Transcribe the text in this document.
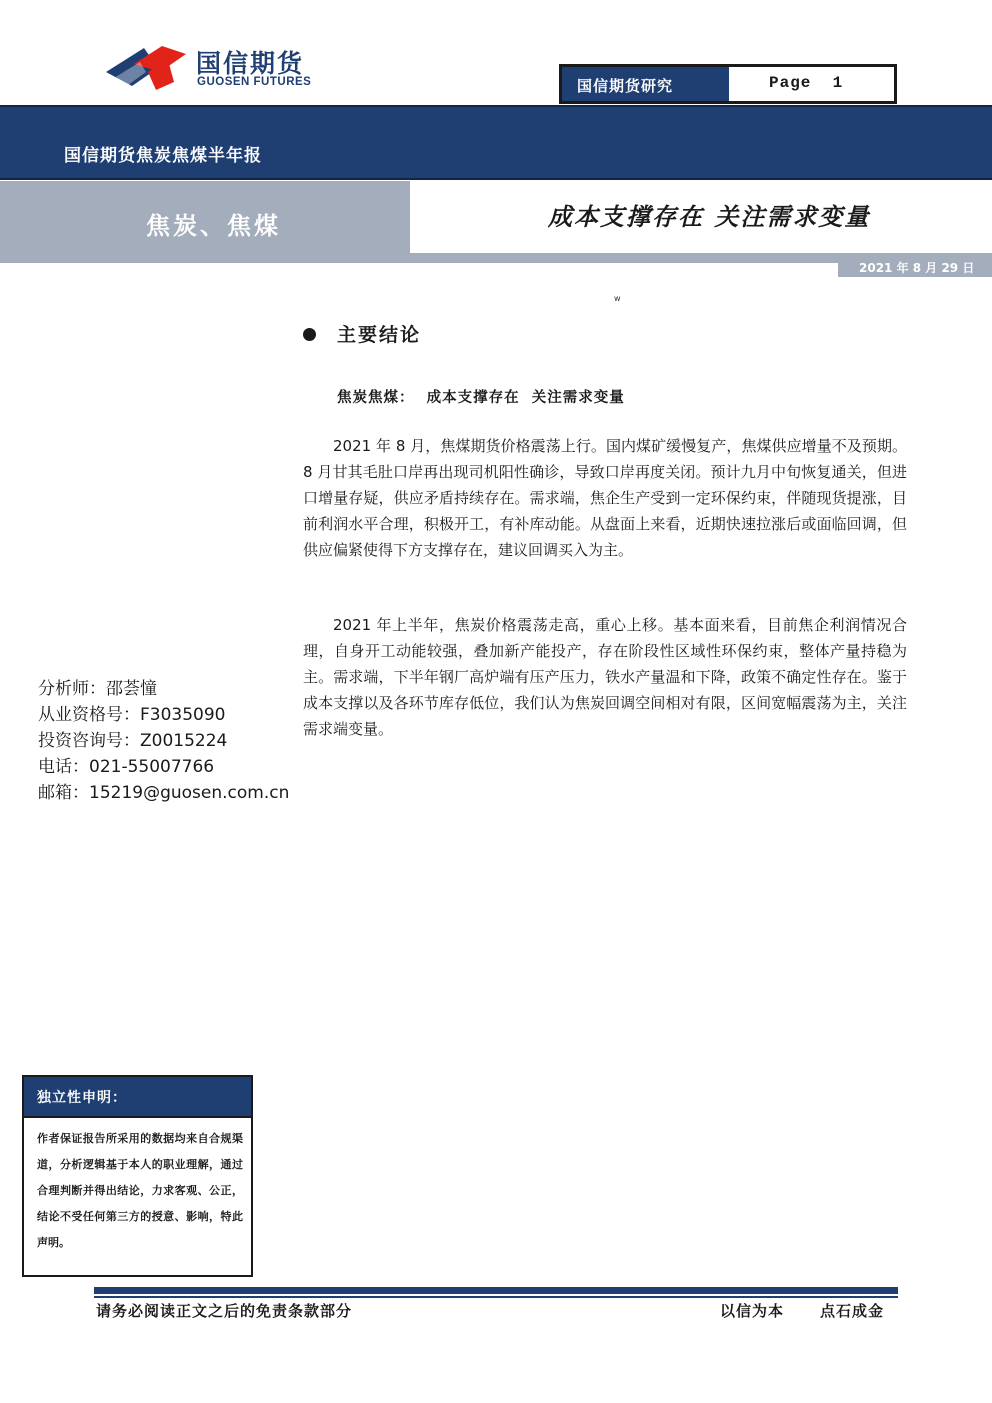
国信期货
GUOSEN FUTURES	国信期货研究	Page  1
国信期货焦炭焦煤半年报
焦炭、焦煤	成本支撑存在 关注需求变量
2021 年 8 月 29 日
w
主要结论
焦炭焦煤：  成本支撑存在  关注需求变量
2021 年 8 月，焦煤期货价格震荡上行。国内煤矿缓慢复产，焦煤供应增量不及预期。8 月甘其毛肚口岸再出现司机阳性确诊，导致口岸再度关闭。预计九月中旬恢复通关，但进口增量存疑，供应矛盾持续存在。需求端，焦企生产受到一定环保约束，伴随现货提涨，目前利润水平合理，积极开工，有补库动能。从盘面上来看，近期快速拉涨后或面临回调，但供应偏紧使得下方支撑存在，建议回调买入为主。
2021 年上半年，焦炭价格震荡走高，重心上移。基本面来看，目前焦企利润情况合理，自身开工动能较强，叠加新产能投产，存在阶段性区域性环保约束，整体产量持稳为主。需求端，下半年钢厂高炉端有压产压力，铁水产量温和下降，政策不确定性存在。鉴于成本支撑以及各环节库存低位，我们认为焦炭回调空间相对有限，区间宽幅震荡为主，关注需求端变量。
分析师：邵荟憧
从业资格号：F3035090
投资咨询号：Z0015224
电话：021-55007766
邮箱：15219@guosen.com.cn
独立性申明：
作者保证报告所采用的数据均来自合规渠道，分析逻辑基于本人的职业理解，通过合理判断并得出结论，力求客观、公正，结论不受任何第三方的授意、影响，特此声明。
请务必阅读正文之后的免责条款部分	以信为本 点石成金
